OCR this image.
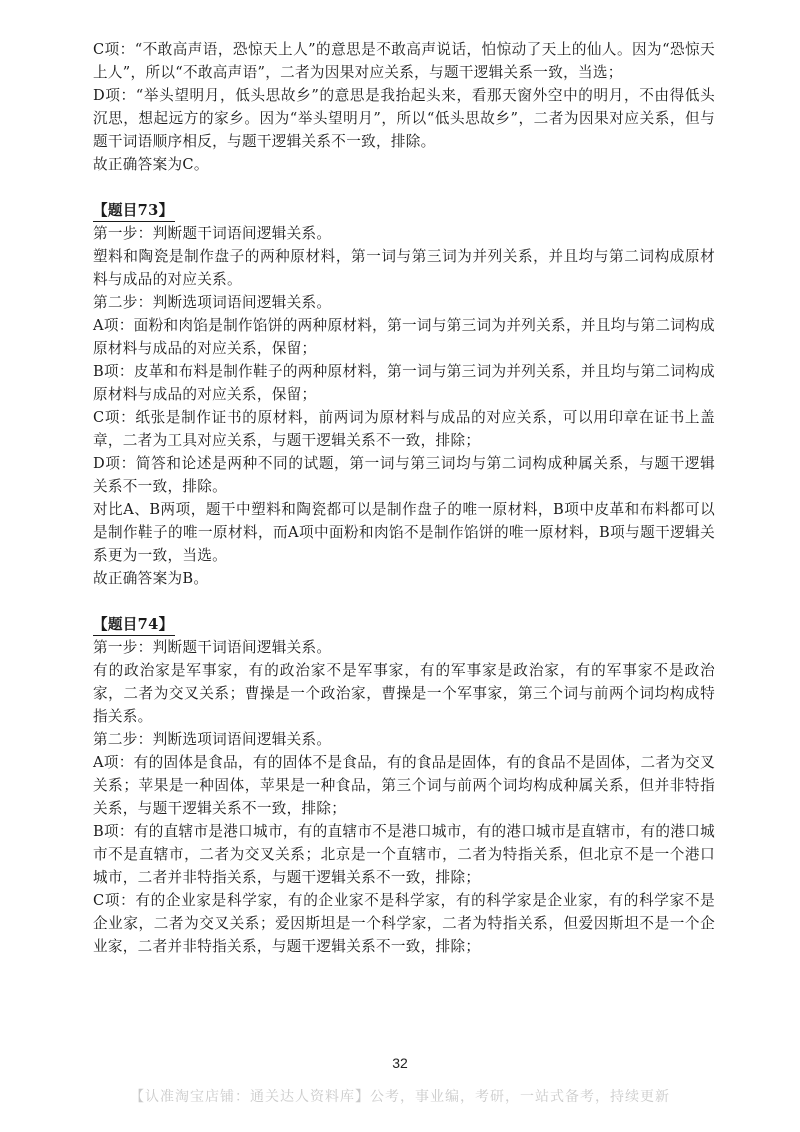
C项：“不敢高声语，恐惊天上人”的意思是不敢高声说话，怕惊动了天上的仙人。因为“恐惊天上人”，所以“不敢高声语”，二者为因果对应关系，与题干逻辑关系一致，当选；

D项：“举头望明月，低头思故乡”的意思是我抬起头来，看那天窗外空中的明月，不由得低头沉思，想起远方的家乡。因为“举头望明月”，所以“低头思故乡”，二者为因果对应关系，但与题干词语顺序相反，与题干逻辑关系不一致，排除。

故正确答案为C。

【题目73】

第一步：判断题干词语间逻辑关系。

塑料和陶瓷是制作盘子的两种原材料，第一词与第三词为并列关系，并且均与第二词构成原材料与成品的对应关系。

第二步：判断选项词语间逻辑关系。

A项：面粉和肉馅是制作馅饼的两种原材料，第一词与第三词为并列关系，并且均与第二词构成原材料与成品的对应关系，保留；

B项：皮革和布料是制作鞋子的两种原材料，第一词与第三词为并列关系，并且均与第二词构成原材料与成品的对应关系，保留；

C项：纸张是制作证书的原材料，前两词为原材料与成品的对应关系，可以用印章在证书上盖章，二者为工具对应关系，与题干逻辑关系不一致，排除；

D项：简答和论述是两种不同的试题，第一词与第三词均与第二词构成种属关系，与题干逻辑关系不一致，排除。

对比A、B两项，题干中塑料和陶瓷都可以是制作盘子的唯一原材料，B项中皮革和布料都可以是制作鞋子的唯一原材料，而A项中面粉和肉馅不是制作馅饼的唯一原材料，B项与题干逻辑关系更为一致，当选。

故正确答案为B。

【题目74】

第一步：判断题干词语间逻辑关系。

有的政治家是军事家，有的政治家不是军事家，有的军事家是政治家，有的军事家不是政治家，二者为交叉关系；曹操是一个政治家，曹操是一个军事家，第三个词与前两个词均构成特指关系。

第二步：判断选项词语间逻辑关系。

A项：有的固体是食品，有的固体不是食品，有的食品是固体，有的食品不是固体，二者为交叉关系；苹果是一种固体，苹果是一种食品，第三个词与前两个词均构成种属关系，但并非特指关系，与题干逻辑关系不一致，排除；

B项：有的直辖市是港口城市，有的直辖市不是港口城市，有的港口城市是直辖市，有的港口城市不是直辖市，二者为交叉关系；北京是一个直辖市，二者为特指关系，但北京不是一个港口城市，二者并非特指关系，与题干逻辑关系不一致，排除；

C项：有的企业家是科学家，有的企业家不是科学家，有的科学家是企业家，有的科学家不是企业家，二者为交叉关系；爱因斯坦是一个科学家，二者为特指关系，但爱因斯坦不是一个企业家，二者并非特指关系，与题干逻辑关系不一致，排除；

32
【认准淘宝店铺：通关达人资料库】公考，事业编，考研，一站式备考，持续更新
